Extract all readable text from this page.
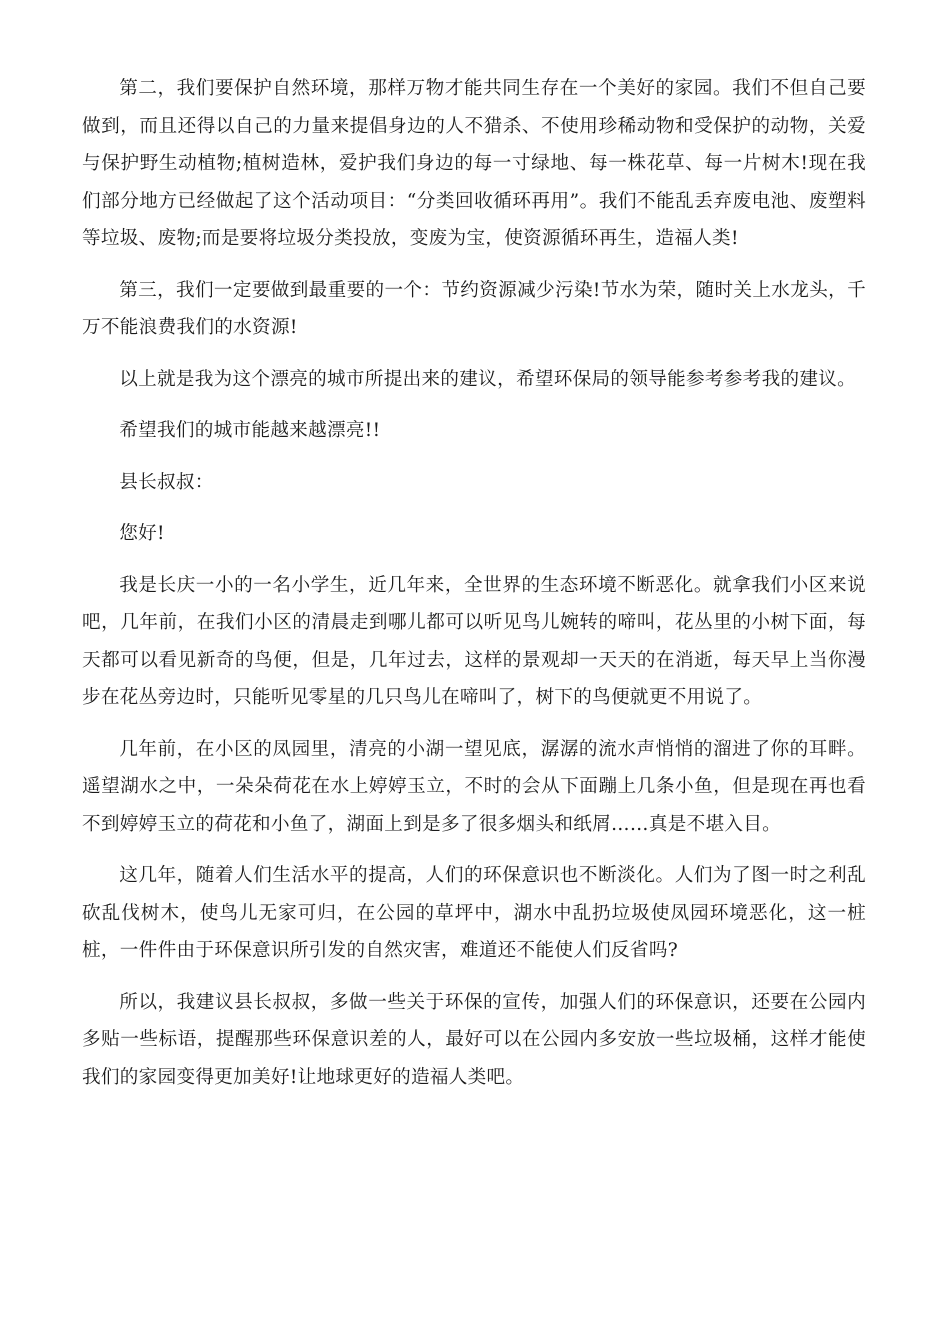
第二，我们要保护自然环境，那样万物才能共同生存在一个美好的家园。我们不但自己要做到，而且还得以自己的力量来提倡身边的人不猎杀、不使用珍稀动物和受保护的动物，关爱与保护野生动植物;植树造林，爱护我们身边的每一寸绿地、每一株花草、每一片树木!现在我们部分地方已经做起了这个活动项目：“分类回收循环再用”。我们不能乱丢弃废电池、废塑料等垃圾、废物;而是要将垃圾分类投放，变废为宝，使资源循环再生，造福人类!

第三，我们一定要做到最重要的一个：节约资源减少污染!节水为荣，随时关上水龙头，千万不能浪费我们的水资源!

以上就是我为这个漂亮的城市所提出来的建议，希望环保局的领导能参考参考我的建议。

希望我们的城市能越来越漂亮!!

县长叔叔：

您好!

我是长庆一小的一名小学生，近几年来，全世界的生态环境不断恶化。就拿我们小区来说吧，几年前，在我们小区的清晨走到哪儿都可以听见鸟儿婉转的啼叫，花丛里的小树下面，每天都可以看见新奇的鸟便，但是，几年过去，这样的景观却一天天的在消逝，每天早上当你漫步在花丛旁边时，只能听见零星的几只鸟儿在啼叫了，树下的鸟便就更不用说了。

几年前，在小区的凤园里，清亮的小湖一望见底，潺潺的流水声悄悄的溜进了你的耳畔。遥望湖水之中，一朵朵荷花在水上婷婷玉立，不时的会从下面蹦上几条小鱼，但是现在再也看不到婷婷玉立的荷花和小鱼了，湖面上到是多了很多烟头和纸屑……真是不堪入目。

这几年，随着人们生活水平的提高，人们的环保意识也不断淡化。人们为了图一时之利乱砍乱伐树木，使鸟儿无家可归，在公园的草坪中，湖水中乱扔垃圾使凤园环境恶化，这一桩桩，一件件由于环保意识所引发的自然灾害，难道还不能使人们反省吗?

所以，我建议县长叔叔，多做一些关于环保的宣传，加强人们的环保意识，还要在公园内多贴一些标语，提醒那些环保意识差的人，最好可以在公园内多安放一些垃圾桶，这样才能使我们的家园变得更加美好!让地球更好的造福人类吧。
